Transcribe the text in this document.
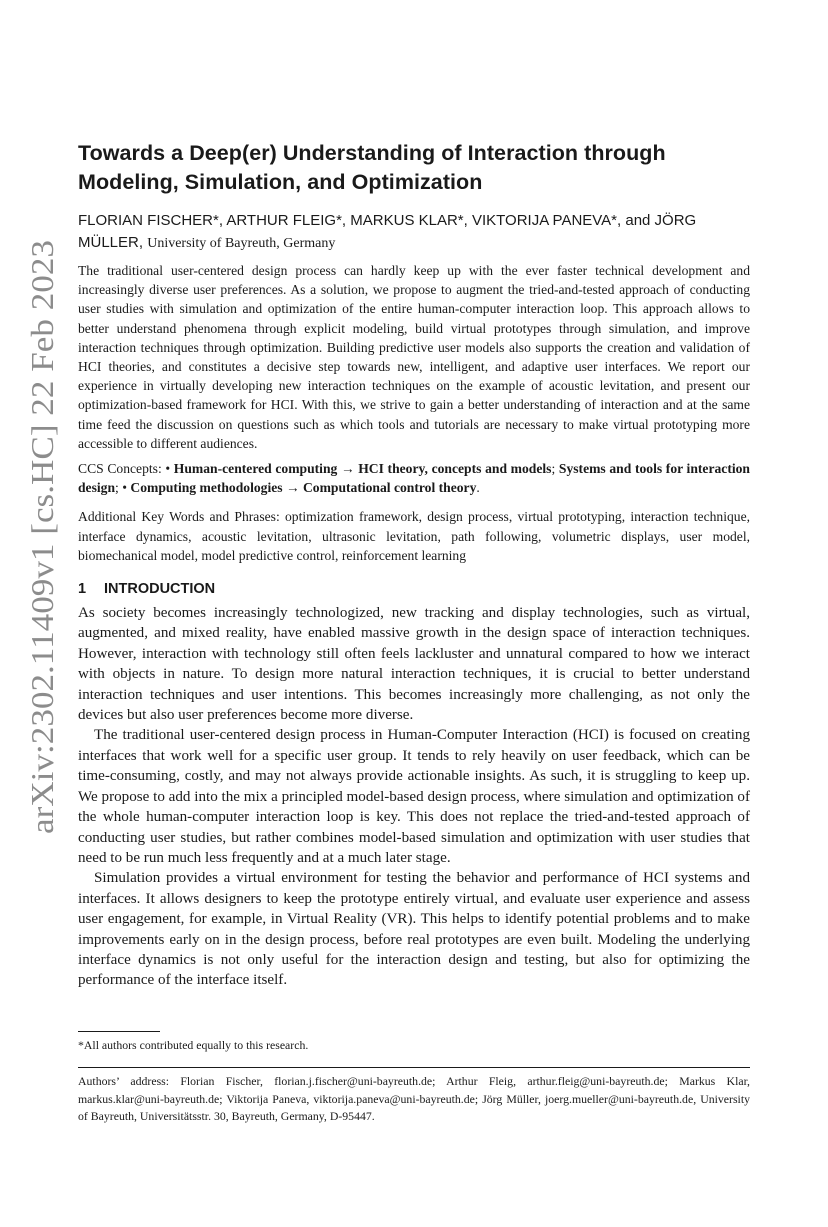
arXiv:2302.11409v1 [cs.HC] 22 Feb 2023
Towards a Deep(er) Understanding of Interaction through Modeling, Simulation, and Optimization
FLORIAN FISCHER*, ARTHUR FLEIG*, MARKUS KLAR*, VIKTORIJA PANEVA*, and JÖRG MÜLLER, University of Bayreuth, Germany

The traditional user-centered design process can hardly keep up with the ever faster technical development and increasingly diverse user preferences. As a solution, we propose to augment the tried-and-tested approach of conducting user studies with simulation and optimization of the entire human-computer interaction loop. This approach allows to better understand phenomena through explicit modeling, build virtual prototypes through simulation, and improve interaction techniques through optimization. Building predictive user models also supports the creation and validation of HCI theories, and constitutes a decisive step towards new, intelligent, and adaptive user interfaces. We report our experience in virtually developing new interaction techniques on the example of acoustic levitation, and present our optimization-based framework for HCI. With this, we strive to gain a better understanding of interaction and at the same time feed the discussion on questions such as which tools and tutorials are necessary to make virtual prototyping more accessible to different audiences.

CCS Concepts: • Human-centered computing → HCI theory, concepts and models; Systems and tools for interaction design; • Computing methodologies → Computational control theory.

Additional Key Words and Phrases: optimization framework, design process, virtual prototyping, interaction technique, interface dynamics, acoustic levitation, ultrasonic levitation, path following, volumetric displays, user model, biomechanical model, model predictive control, reinforcement learning

1 INTRODUCTION

As society becomes increasingly technologized, new tracking and display technologies, such as virtual, augmented, and mixed reality, have enabled massive growth in the design space of interaction techniques. However, interaction with technology still often feels lackluster and unnatural compared to how we interact with objects in nature. To design more natural interaction techniques, it is crucial to better understand interaction techniques and user intentions. This becomes increasingly more challenging, as not only the devices but also user preferences become more diverse.

The traditional user-centered design process in Human-Computer Interaction (HCI) is focused on creating interfaces that work well for a specific user group. It tends to rely heavily on user feedback, which can be time-consuming, costly, and may not always provide actionable insights. As such, it is struggling to keep up. We propose to add into the mix a principled model-based design process, where simulation and optimization of the whole human-computer interaction loop is key. This does not replace the tried-and-tested approach of conducting user studies, but rather combines model-based simulation and optimization with user studies that need to be run much less frequently and at a much later stage.

Simulation provides a virtual environment for testing the behavior and performance of HCI systems and interfaces. It allows designers to keep the prototype entirely virtual, and evaluate user experience and assess user engagement, for example, in Virtual Reality (VR). This helps to identify potential problems and to make improvements early on in the design process, before real prototypes are even built. Modeling the underlying interface dynamics is not only useful for the interaction design and testing, but also for optimizing the performance of the interface itself.

*All authors contributed equally to this research.
Authors’ address: Florian Fischer, florian.j.fischer@uni-bayreuth.de; Arthur Fleig, arthur.fleig@uni-bayreuth.de; Markus Klar, markus.klar@uni-bayreuth.de; Viktorija Paneva, viktorija.paneva@uni-bayreuth.de; Jörg Müller, joerg.mueller@uni-bayreuth.de, University of Bayreuth, Universitätsstr. 30, Bayreuth, Germany, D-95447.
